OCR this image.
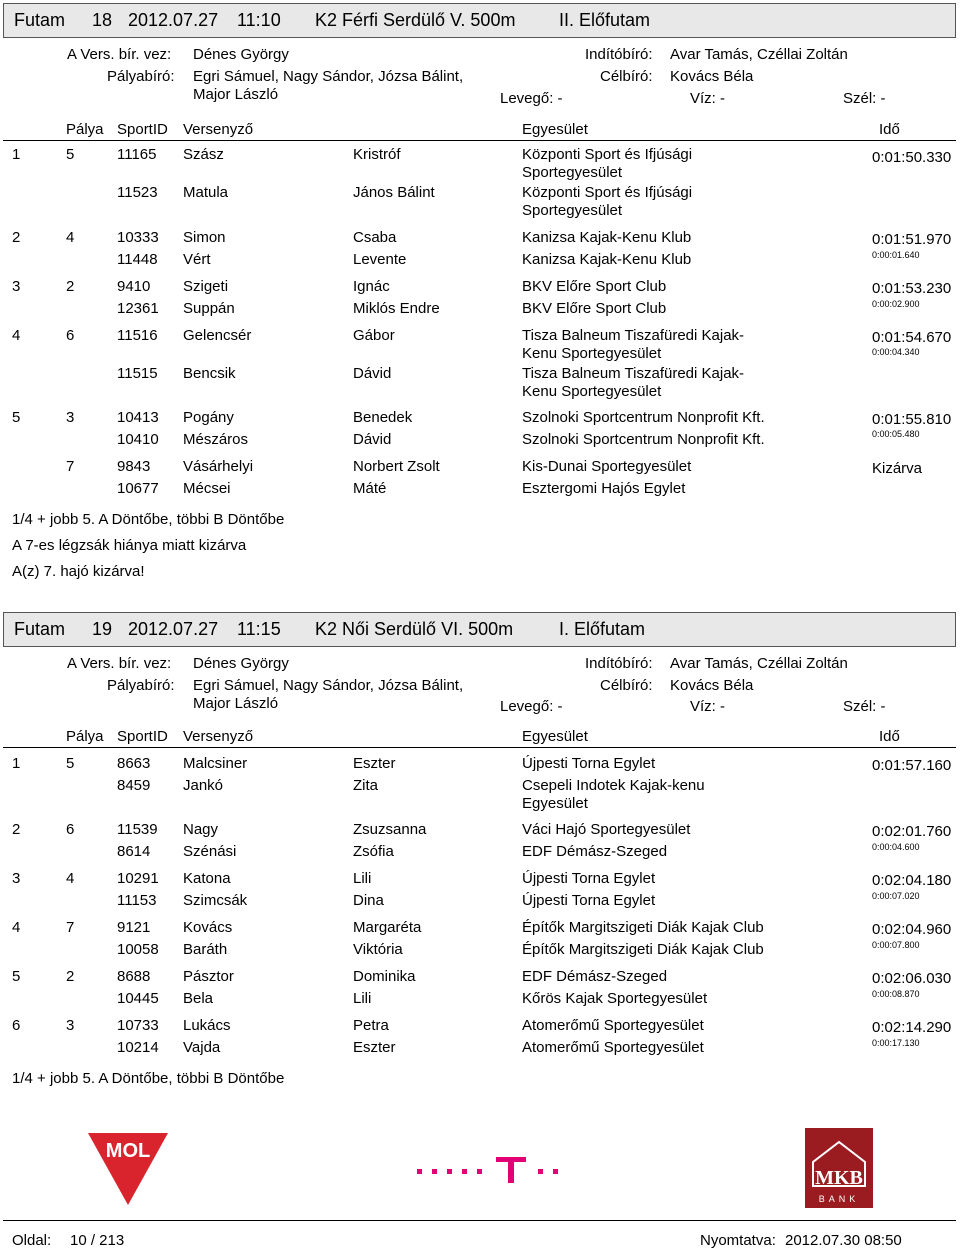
Futam 18 2012.07.27 11:10 K2 Férfi Serdülő V. 500m II. Előfutam
A Vers. bír. vez: Dénes György
Pályabíró: Egri Sámuel, Nagy Sándor, Józsa Bálint,
Major László
Indítóbíró: Avar Tamás, Czéllai Zoltán
Célbíró: Kovács Béla
Levegő: -	Víz: -	Szél: -
Pálya SportID Versenyző	Egyesület	Idő
1	5	11165 Szász	Kristróf	Központi Sport és Ifjúsági Sportegyesület
11523 Matula	János Bálint	Központi Sport és Ifjúsági Sportegyesület
0:01:50.330
2	4	10333 Simon	Csaba	Kanizsa Kajak-Kenu Klub
11448 Vért	Levente	Kanizsa Kajak-Kenu Klub
0:01:51.970
0:00:01.640
3	2	9410 Szigeti	Ignác	BKV Előre Sport Club
12361 Suppán	Miklós Endre	BKV Előre Sport Club
0:01:53.230
0:00:02.900
4	6	11516 Gelencsér	Gábor	Tisza Balneum Tiszafüredi Kajak-Kenu Sportegyesület
11515 Bencsik	Dávid	Tisza Balneum Tiszafüredi Kajak-Kenu Sportegyesület
0:01:54.670
0:00:04.340
5	3	10413 Pogány	Benedek	Szolnoki Sportcentrum Nonprofit Kft.
10410 Mészáros	Dávid	Szolnoki Sportcentrum Nonprofit Kft.
0:01:55.810
0:00:05.480
7	9843 Vásárhelyi	Norbert Zsolt	Kis-Dunai Sportegyesület
10677 Mécsei	Máté	Esztergomi Hajós Egylet
Kizárva
1/4 + jobb 5. A Döntőbe, többi B Döntőbe
A 7-es légzsák hiánya miatt kizárva
A(z) 7. hajó kizárva!
Futam 19 2012.07.27 11:15 K2 Női Serdülő VI. 500m	I. Előfutam
A Vers. bír. vez: Dénes György
Pályabíró: Egri Sámuel, Nagy Sándor, Józsa Bálint,
Major László
Indítóbíró: Avar Tamás, Czéllai Zoltán
Célbíró: Kovács Béla
Levegő: -	Víz: -	Szél: -
Pálya SportID Versenyző	Egyesület	Idő
1	5	8663 Malcsiner	Eszter	Újpesti Torna Egylet
8459 Jankó	Zita	Csepeli Indotek Kajak-kenu Egyesület
0:01:57.160
2	6	11539 Nagy	Zsuzsanna	Váci Hajó Sportegyesület
8614 Szénási	Zsófia	EDF Démász-Szeged
0:02:01.760
0:00:04.600
3	4	10291 Katona	Lili	Újpesti Torna Egylet
11153 Szimcsák	Dina	Újpesti Torna Egylet
0:02:04.180
0:00:07.020
4	7	9121 Kovács	Margaréta	Építők Margitszigeti Diák Kajak Club
10058 Baráth	Viktória	Építők Margitszigeti Diák Kajak Club
0:02:04.960
0:00:07.800
5	2	8688 Pásztor	Dominika	EDF Démász-Szeged
10445 Bela	Lili	Kőrös Kajak Sportegyesület
0:02:06.030
0:00:08.870
6	3	10733 Lukács	Petra	Atomerőmű Sportegyesület
10214 Vajda	Eszter	Atomerőmű Sportegyesület
0:02:14.290
0:00:17.130
1/4 + jobb 5. A Döntőbe, többi B Döntőbe
MOL
MKB
BANK
Oldal: 10 / 213	Nyomtatva: 2012.07.30 08:50
